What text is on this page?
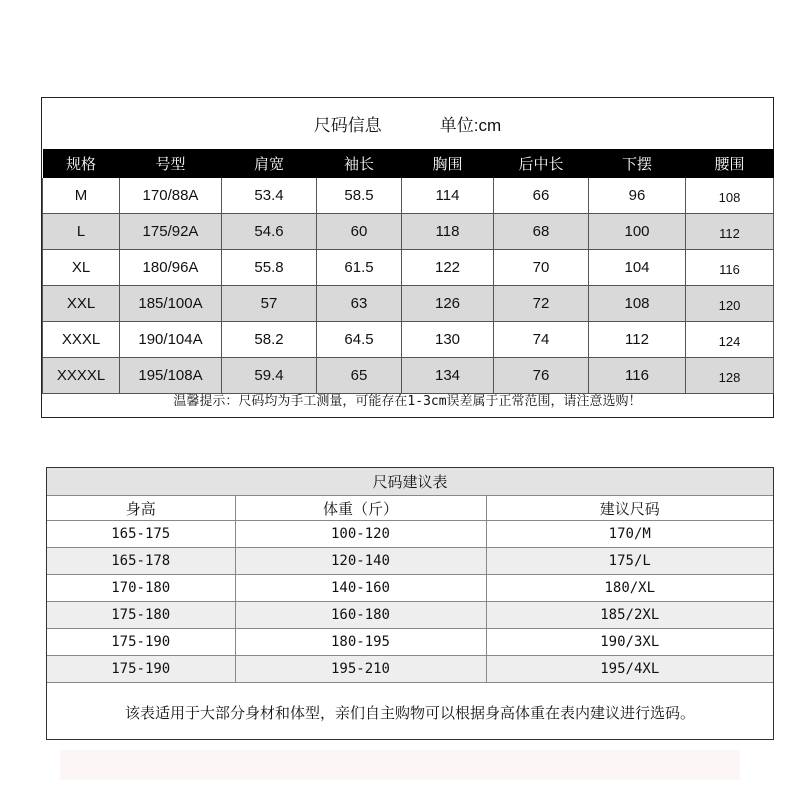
尺码信息	单位:cm
规格	号型	肩宽	袖长	胸围	后中长	下摆	腰围
M	170/88A	53.4	58.5	114	66	96	108
L	175/92A	54.6	60	118	68	100	112
XL	180/96A	55.8	61.5	122	70	104	116
XXL	185/100A	57	63	126	72	108	120
XXXL	190/104A	58.2	64.5	130	74	112	124
XXXXL	195/108A	59.4	65	134	76	116	128
温馨提示：尺码均为手工测量，可能存在1-3cm误差属于正常范围，请注意选购！
尺码建议表		
身高	体重（斤）	建议尺码
165-175	100-120	170/M
165-178	120-140	175/L
170-180	140-160	180/XL
175-180	160-180	185/2XL
175-190	180-195	190/3XL
175-190	195-210	195/4XL
该表适用于大部分身材和体型，亲们自主购物可以根据身高体重在表内建议进行选码。
